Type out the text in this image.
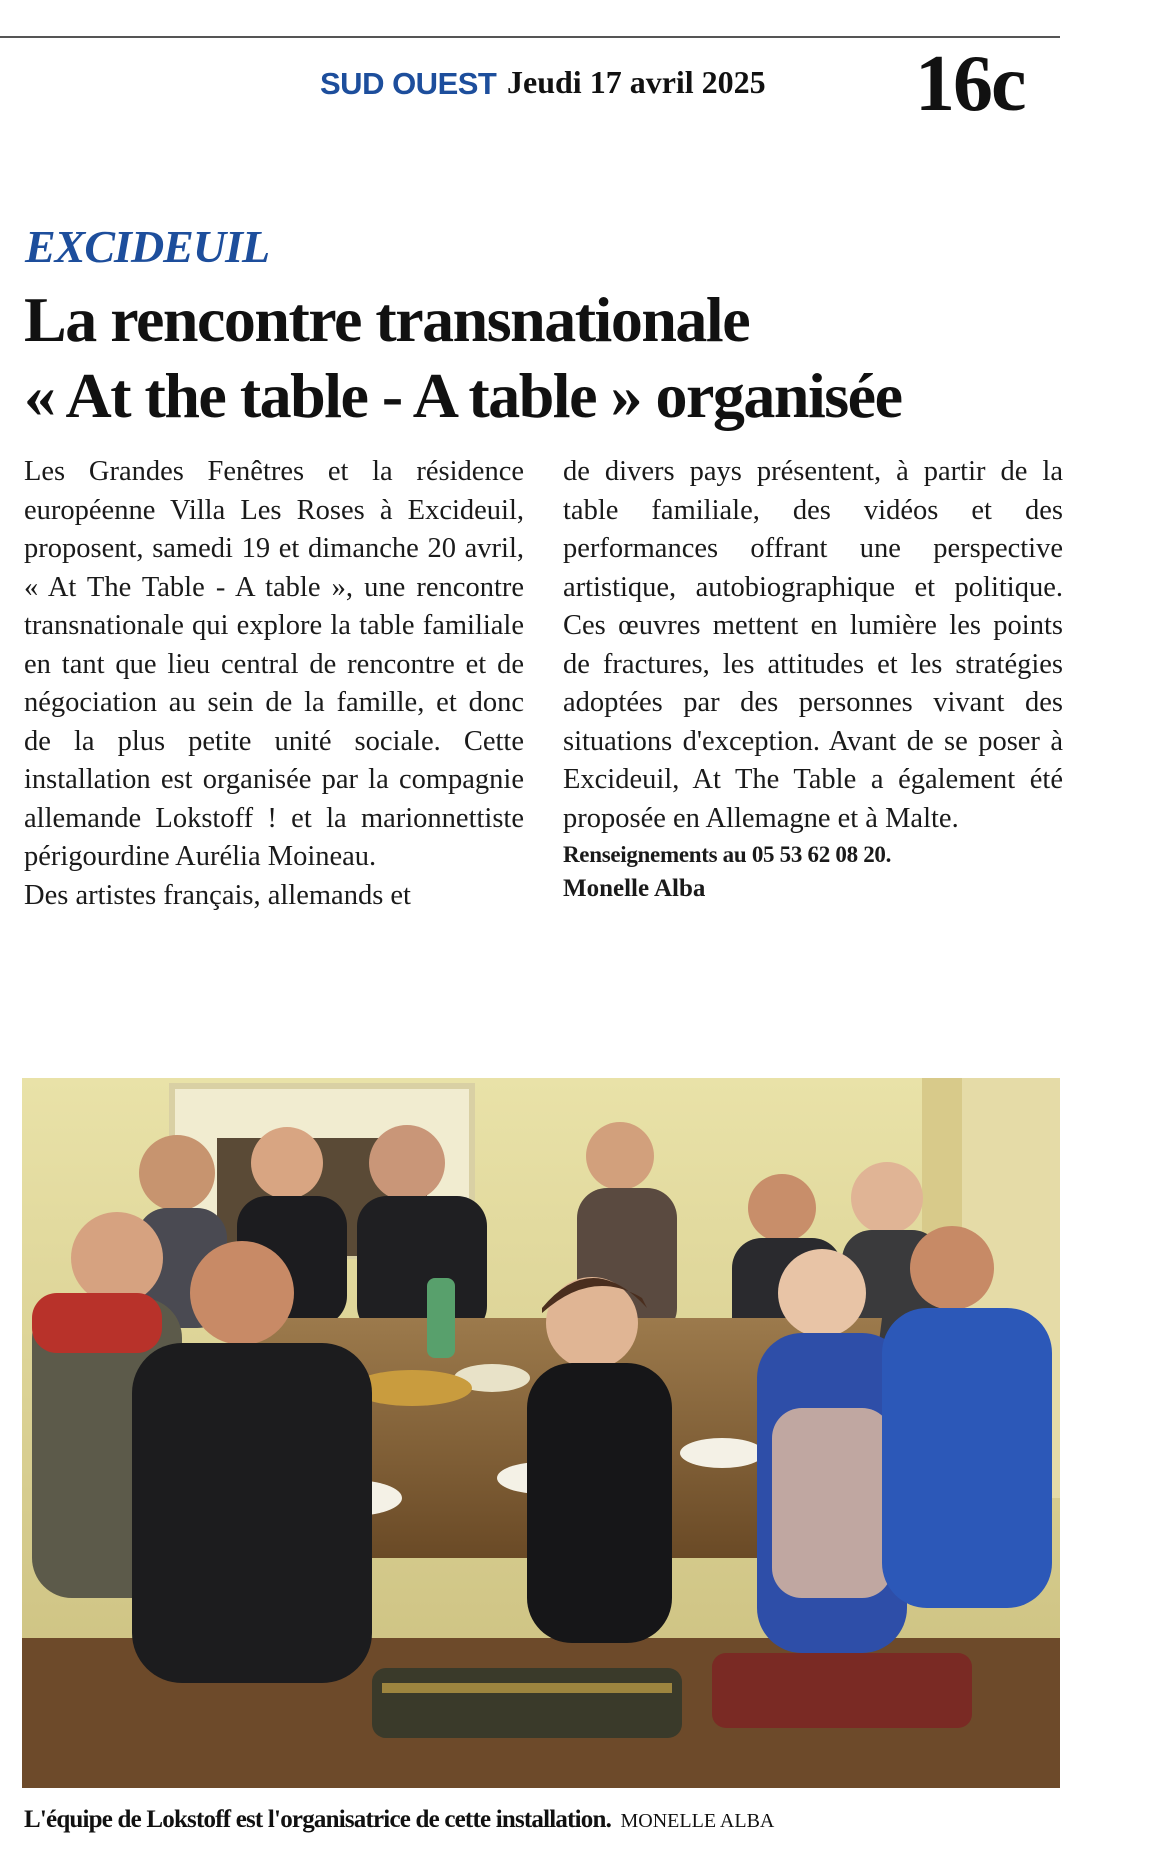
SUD OUEST Jeudi 17 avril 2025 16c
EXCIDEUIL
La rencontre transnationale
« At the table - A table » organisée

Les Grandes Fenêtres et la résidence européenne Villa Les Roses à Excideuil, proposent, samedi 19 et dimanche 20 avril, « At The Table - A table », une rencontre transnationale qui explore la table familiale en tant que lieu central de rencontre et de négociation au sein de la famille, et donc de la plus petite unité sociale. Cette installation est organisée par la compagnie allemande Lokstoff ! et la marionnettiste périgourdine Aurélia Moineau.

Des artistes français, allemands et

de divers pays présentent, à partir de la table familiale, des vidéos et des performances offrant une perspective artistique, autobiographique et politique. Ces œuvres mettent en lumière les points de fractures, les attitudes et les stratégies adoptées par des personnes vivant des situations d'exception. Avant de se poser à Excideuil, At The Table a également été proposée en Allemagne et à Malte.

Renseignements au 05 53 62 08 20.

Monelle Alba

L'équipe de Lokstoff est l'organisatrice de cette installation. MONELLE ALBA
